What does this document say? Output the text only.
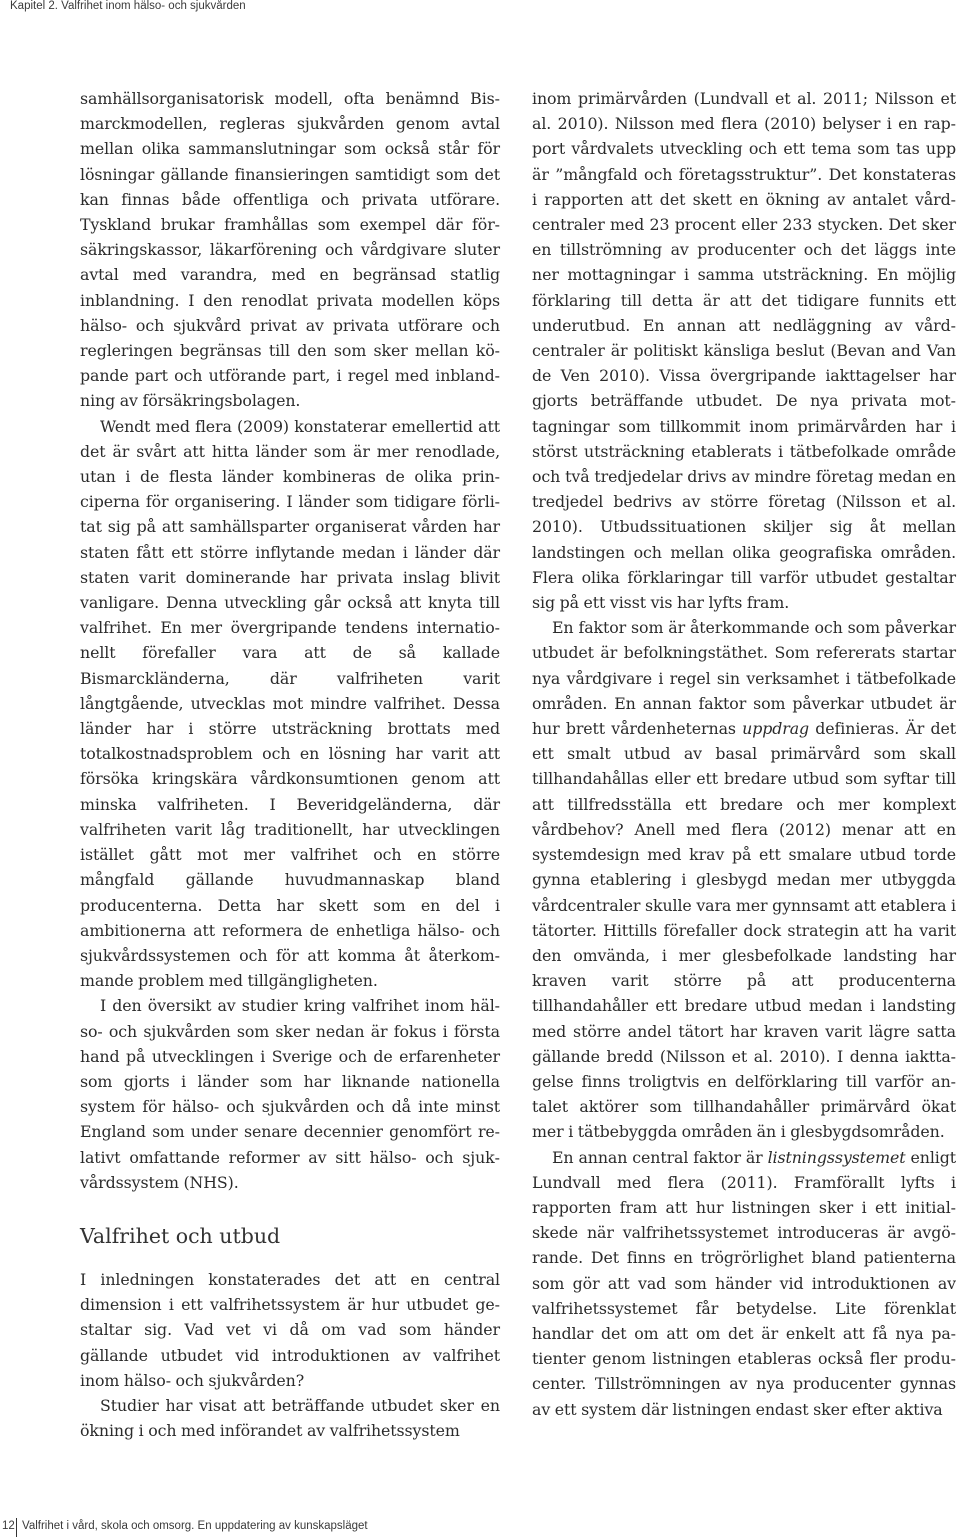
Kapitel 2. Valfrihet inom hälso- och sjukvården

samhällsorganisatorisk modell, ofta benämnd Bismarckmodellen, regleras sjukvården genom avtal mellan olika sammanslutningar som också står för lösningar gällande finansieringen samtidigt som det kan finnas både offentliga och privata utförare. Tyskland brukar framhållas som exempel där försäkringskassor, läkarförening och vårdgivare sluter avtal med varandra, med en begränsad statlig inblandning. I den renodlat privata modellen köps hälso- och sjukvård privat av privata utförare och regleringen begränsas till den som sker mellan köpande part och utförande part, i regel med inblandning av försäkringsbolagen.

Wendt med flera (2009) konstaterar emellertid att det är svårt att hitta länder som är mer renodlade, utan i de flesta länder kombineras de olika principerna för organisering. I länder som tidigare förlitat sig på att samhällsparter organiserat vården har staten fått ett större inflytande medan i länder där staten varit dominerande har privata inslag blivit vanligare. Denna utveckling går också att knyta till valfrihet. En mer övergripande tendens internationellt förefaller vara att de så kallade Bismarckländerna, där valfriheten varit långtgående, utvecklas mot mindre valfrihet. Dessa länder har i större utsträckning brottats med totalkostnadsproblem och en lösning har varit att försöka kringskära vårdkonsumtionen genom att minska valfriheten. I Beveridgeländerna, där valfriheten varit låg traditionellt, har utvecklingen istället gått mot mer valfrihet och en större mångfald gällande huvudmannaskap bland producenterna. Detta har skett som en del i ambitionerna att reformera de enhetliga hälso- och sjukvårdssystemen och för att komma åt återkommande problem med tillgängligheten.

I den översikt av studier kring valfrihet inom hälso- och sjukvården som sker nedan är fokus i första hand på utvecklingen i Sverige och de erfarenheter som gjorts i länder som har liknande nationella system för hälso- och sjukvården och då inte minst England som under senare decennier genomfört relativt omfattande reformer av sitt hälso- och sjukvårdssystem (NHS).

Valfrihet och utbud

I inledningen konstaterades det att en central dimension i ett valfrihetssystem är hur utbudet gestaltar sig. Vad vet vi då om vad som händer gällande utbudet vid introduktionen av valfrihet inom hälso- och sjukvården?

Studier har visat att beträffande utbudet sker en ökning i och med införandet av valfrihetssystem

inom primärvården (Lundvall et al. 2011; Nilsson et al. 2010). Nilsson med flera (2010) belyser i en rapport vårdvalets utveckling och ett tema som tas upp är ”mångfald och företagsstruktur”. Det konstateras i rapporten att det skett en ökning av antalet vårdcentraler med 23 procent eller 233 stycken. Det sker en tillströmning av producenter och det läggs inte ner mottagningar i samma utsträckning. En möjlig förklaring till detta är att det tidigare funnits ett underutbud. En annan att nedläggning av vårdcentraler är politiskt känsliga beslut (Bevan and Van de Ven 2010). Vissa övergripande iakttagelser har gjorts beträffande utbudet. De nya privata mottagningar som tillkommit inom primärvården har i störst utsträckning etablerats i tätbefolkade område och två tredjedelar drivs av mindre företag medan en tredjedel bedrivs av större företag (Nilsson et al. 2010). Utbudssituationen skiljer sig åt mellan landstingen och mellan olika geografiska områden. Flera olika förklaringar till varför utbudet gestaltar sig på ett visst vis har lyfts fram.

En faktor som är återkommande och som påverkar utbudet är befolkningstäthet. Som refererats startar nya vårdgivare i regel sin verksamhet i tätbefolkade områden. En annan faktor som påverkar utbudet är hur brett vårdenheternas uppdrag definieras. Är det ett smalt utbud av basal primärvård som skall tillhandahållas eller ett bredare utbud som syftar till att tillfredsställa ett bredare och mer komplext vårdbehov? Anell med flera (2012) menar att en systemdesign med krav på ett smalare utbud torde gynna etablering i glesbygd medan mer utbyggda vårdcentraler skulle vara mer gynnsamt att etablera i tätorter. Hittills förefaller dock strategin att ha varit den omvända, i mer glesbefolkade landsting har kraven varit större på att producenterna tillhandahåller ett bredare utbud medan i landsting med större andel tätort har kraven varit lägre satta gällande bredd (Nilsson et al. 2010). I denna iakttagelse finns troligtvis en delförklaring till varför antalet aktörer som tillhandahåller primärvård ökat mer i tätbebyggda områden än i glesbygdsområden.

En annan central faktor är listningssystemet enligt Lundvall med flera (2011). Framförallt lyfts i rapporten fram att hur listningen sker i ett initialskede när valfrihetssystemet introduceras är avgörande. Det finns en trögrörlighet bland patienterna som gör att vad som händer vid introduktionen av valfrihetssystemet får betydelse. Lite förenklat handlar det om att om det är enkelt att få nya patienter genom listningen etableras också fler producenter. Tillströmningen av nya producenter gynnas av ett system där listningen endast sker efter aktiva

12 Valfrihet i vård, skola och omsorg. En uppdatering av kunskapsläget
